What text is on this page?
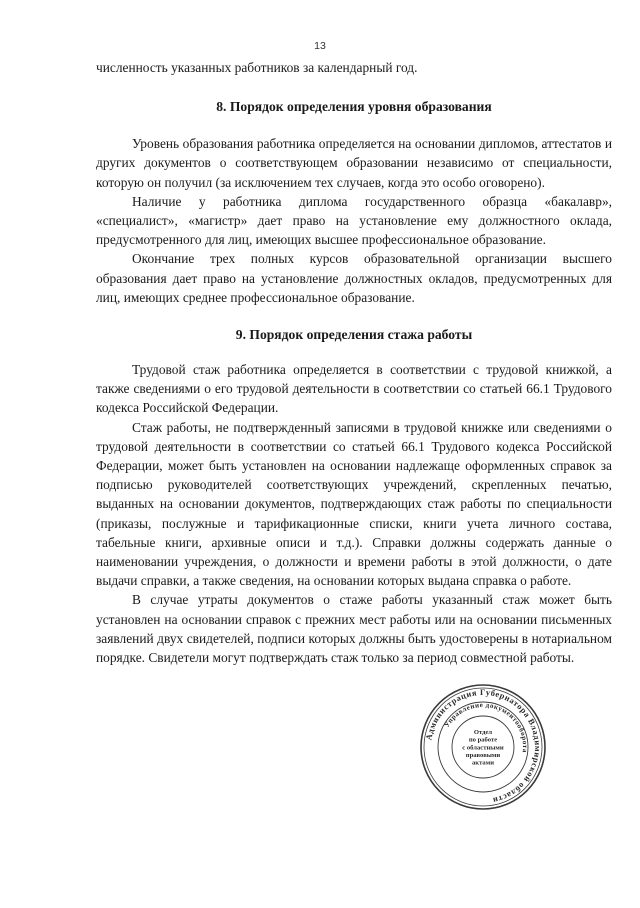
13

численность указанных работников за календарный год.

8. Порядок определения уровня образования

Уровень образования работника определяется на основании дипломов, аттестатов и других документов о соответствующем образовании независимо от специальности, которую он получил (за исключением тех случаев, когда это особо оговорено).

Наличие у работника диплома государственного образца «бакалавр», «специалист», «магистр» дает право на установление ему должностного оклада, предусмотренного для лиц, имеющих высшее профессиональное образование.

Окончание трех полных курсов образовательной организации высшего образования дает право на установление должностных окладов, предусмотренных для лиц, имеющих среднее профессиональное образование.

9. Порядок определения стажа работы

Трудовой стаж работника определяется в соответствии с трудовой книжкой, а также сведениями о его трудовой деятельности в соответствии со статьей 66.1 Трудового кодекса Российской Федерации.

Стаж работы, не подтвержденный записями в трудовой книжке или сведениями о трудовой деятельности в соответствии со статьей 66.1 Трудового кодекса Российской Федерации, может быть установлен на основании надлежаще оформленных справок за подписью руководителей соответствующих учреждений, скрепленных печатью, выданных на основании документов, подтверждающих стаж работы по специальности (приказы, послужные и тарификационные списки, книги учета личного состава, табельные книги, архивные описи и т.д.). Справки должны содержать данные о наименовании учреждения, о должности и времени работы в этой должности, о дате выдачи справки, а также сведения, на основании которых выдана справка о работе.

В случае утраты документов о стаже работы указанный стаж может быть установлен на основании справок с прежних мест работы или на основании письменных заявлений двух свидетелей, подписи которых должны быть удостоверены в нотариальном порядке. Свидетели могут подтверждать стаж только за период совместной работы.

Администрация Губернатора Владимирской области
Управление документооборота
Отдел
по работе
с областными
правовыми
актами
